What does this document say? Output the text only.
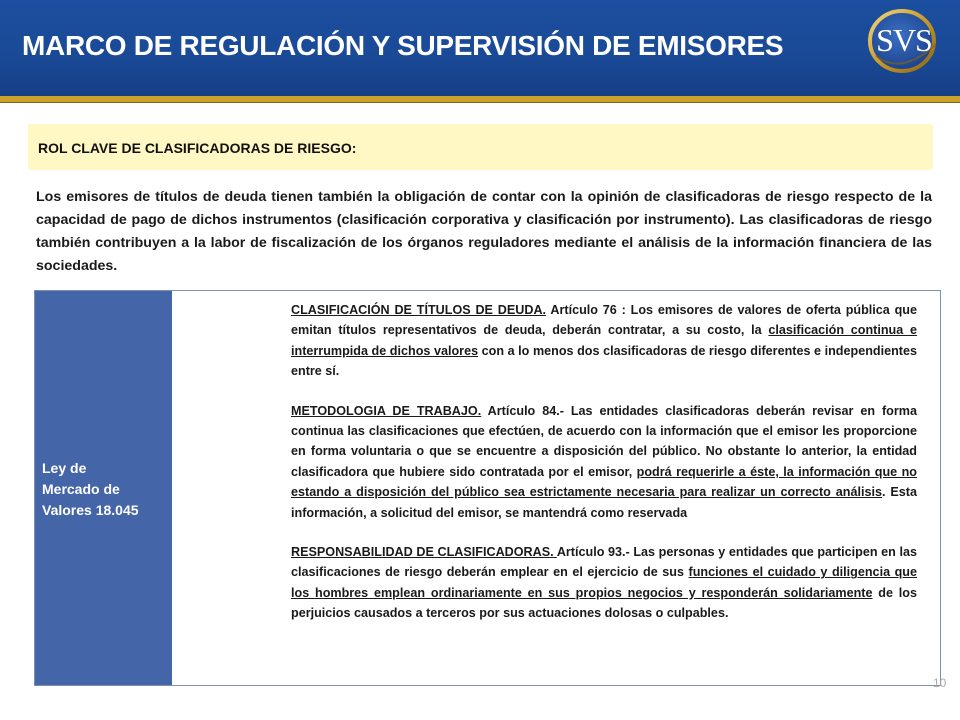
MARCO DE REGULACIÓN Y SUPERVISIÓN DE EMISORES	SVS
ROL CLAVE DE CLASIFICADORAS DE RIESGO:
Los emisores de títulos de deuda tienen también la obligación de contar con la opinión de clasificadoras de riesgo respecto de la capacidad de pago de dichos instrumentos (clasificación corporativa y clasificación por instrumento). Las clasificadoras de riesgo también contribuyen a la labor de fiscalización de los órganos reguladores mediante el análisis de la información financiera de las sociedades.
Ley de
Mercado de
Valores 18.045

CLASIFICACIÓN DE TÍTULOS DE DEUDA. Artículo 76 : Los emisores de valores de oferta pública que emitan títulos representativos de deuda, deberán contratar, a su costo, la clasificación continua e interrumpida de dichos valores con a lo menos dos clasificadoras de riesgo diferentes e independientes entre sí.

METODOLOGIA DE TRABAJO. Artículo 84.- Las entidades clasificadoras deberán revisar en forma continua las clasificaciones que efectúen, de acuerdo con la información que el emisor les proporcione en forma voluntaria o que se encuentre a disposición del público. No obstante lo anterior, la entidad clasificadora que hubiere sido contratada por el emisor, podrá requerirle a éste, la información que no estando a disposición del público sea estrictamente necesaria para realizar un correcto análisis. Esta información, a solicitud del emisor, se mantendrá como reservada

RESPONSABILIDAD DE CLASIFICADORAS. Artículo 93.- Las personas y entidades que participen en las clasificaciones de riesgo deberán emplear en el ejercicio de sus funciones el cuidado y diligencia que los hombres emplean ordinariamente en sus propios negocios y responderán solidariamente de los perjuicios causados a terceros por sus actuaciones dolosas o culpables.

10
